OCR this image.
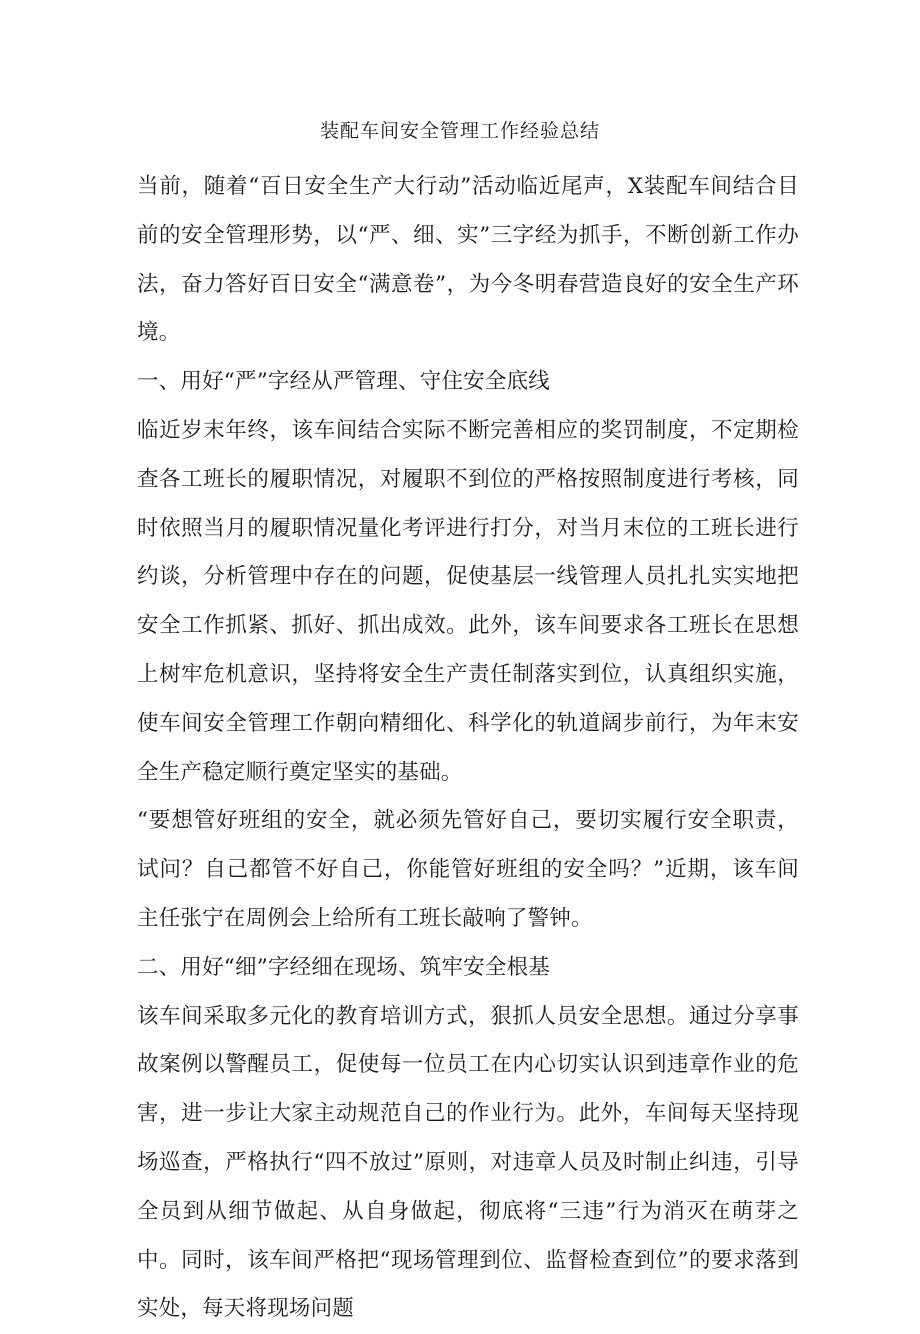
装配车间安全管理工作经验总结

当前，随着“百日安全生产大行动”活动临近尾声，X装配车间结合目前的安全管理形势，以“严、细、实”三字经为抓手，不断创新工作办法，奋力答好百日安全“满意卷”，为今冬明春营造良好的安全生产环境。

一、用好“严”字经从严管理、守住安全底线

临近岁末年终，该车间结合实际不断完善相应的奖罚制度，不定期检查各工班长的履职情况，对履职不到位的严格按照制度进行考核，同时依照当月的履职情况量化考评进行打分，对当月末位的工班长进行约谈，分析管理中存在的问题，促使基层一线管理人员扎扎实实地把安全工作抓紧、抓好、抓出成效。此外，该车间要求各工班长在思想上树牢危机意识，坚持将安全生产责任制落实到位，认真组织实施，使车间安全管理工作朝向精细化、科学化的轨道阔步前行，为年末安全生产稳定顺行奠定坚实的基础。

“要想管好班组的安全，就必须先管好自己，要切实履行安全职责，试问？自己都管不好自己，你能管好班组的安全吗？”近期，该车间主任张宁在周例会上给所有工班长敲响了警钟。

二、用好“细”字经细在现场、筑牢安全根基

该车间采取多元化的教育培训方式，狠抓人员安全思想。通过分享事故案例以警醒员工，促使每一位员工在内心切实认识到违章作业的危害，进一步让大家主动规范自己的作业行为。此外，车间每天坚持现场巡查，严格执行“四不放过”原则，对违章人员及时制止纠违，引导全员到从细节做起、从自身做起，彻底将“三违”行为消灭在萌芽之中。同时，该车间严格把“现场管理到位、监督检查到位”的要求落到实处，每天将现场问题
